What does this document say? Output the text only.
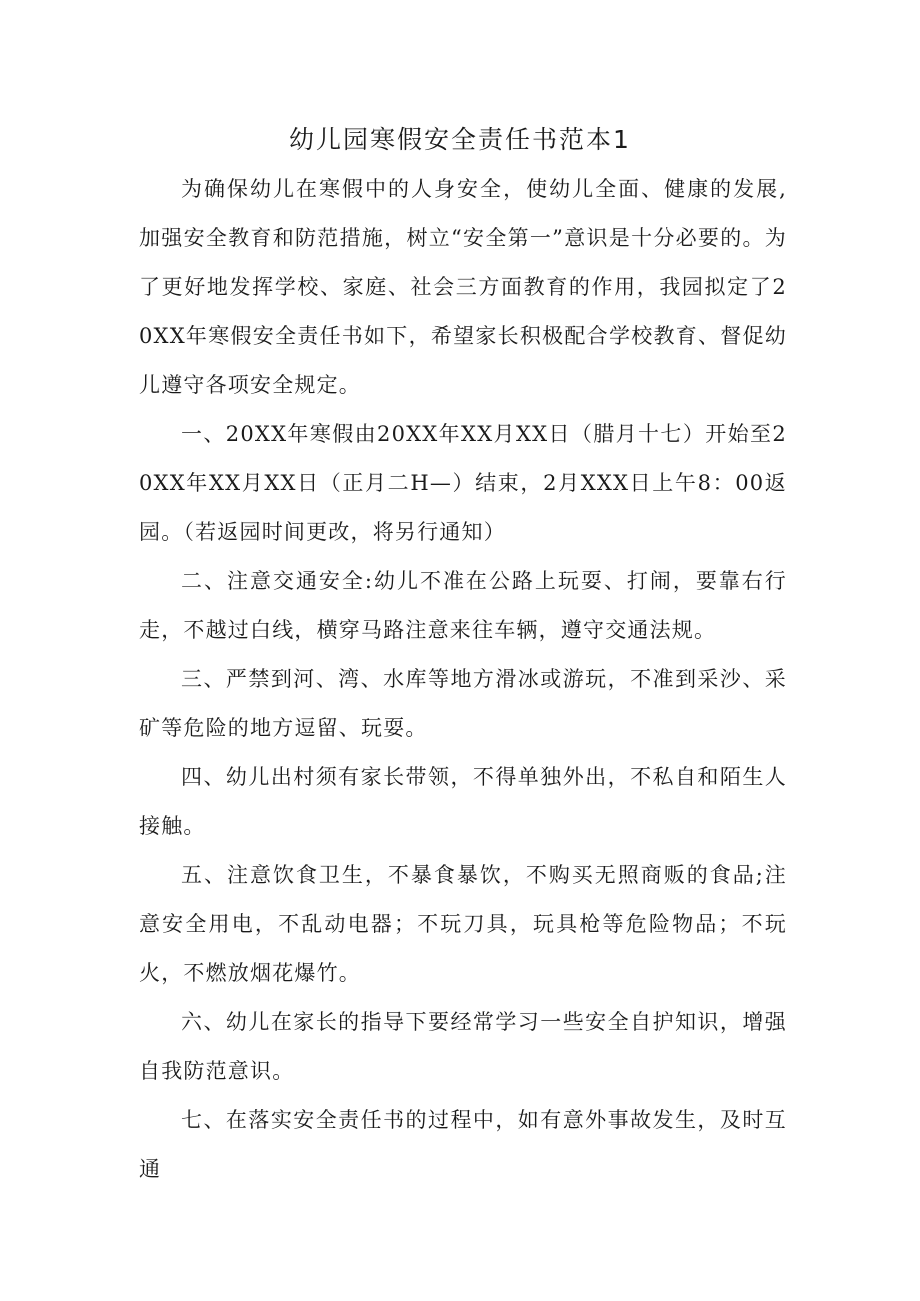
幼儿园寒假安全责任书范本1

为确保幼儿在寒假中的人身安全，使幼儿全面、健康的发展,加强安全教育和防范措施，树立“安全第一”意识是十分必要的。为了更好地发挥学校、家庭、社会三方面教育的作用，我园拟定了20XX年寒假安全责任书如下，希望家长积极配合学校教育、督促幼儿遵守各项安全规定。

一、20XX年寒假由20XX年XX月XX日（腊月十七）开始至20XX年XX月XX日（正月二H—）结束，2月XXX日上午8：00返园。（若返园时间更改，将另行通知）

二、注意交通安全:幼儿不准在公路上玩耍、打闹，要靠右行走，不越过白线，横穿马路注意来往车辆，遵守交通法规。

三、严禁到河、湾、水库等地方滑冰或游玩，不准到采沙、采矿等危险的地方逗留、玩耍。

四、幼儿出村须有家长带领，不得单独外出，不私自和陌生人接触。

五、注意饮食卫生，不暴食暴饮，不购买无照商贩的食品;注意安全用电，不乱动电器；不玩刀具，玩具枪等危险物品；不玩火，不燃放烟花爆竹。

六、幼儿在家长的指导下要经常学习一些安全自护知识，增强自我防范意识。

七、在落实安全责任书的过程中，如有意外事故发生，及时互通
